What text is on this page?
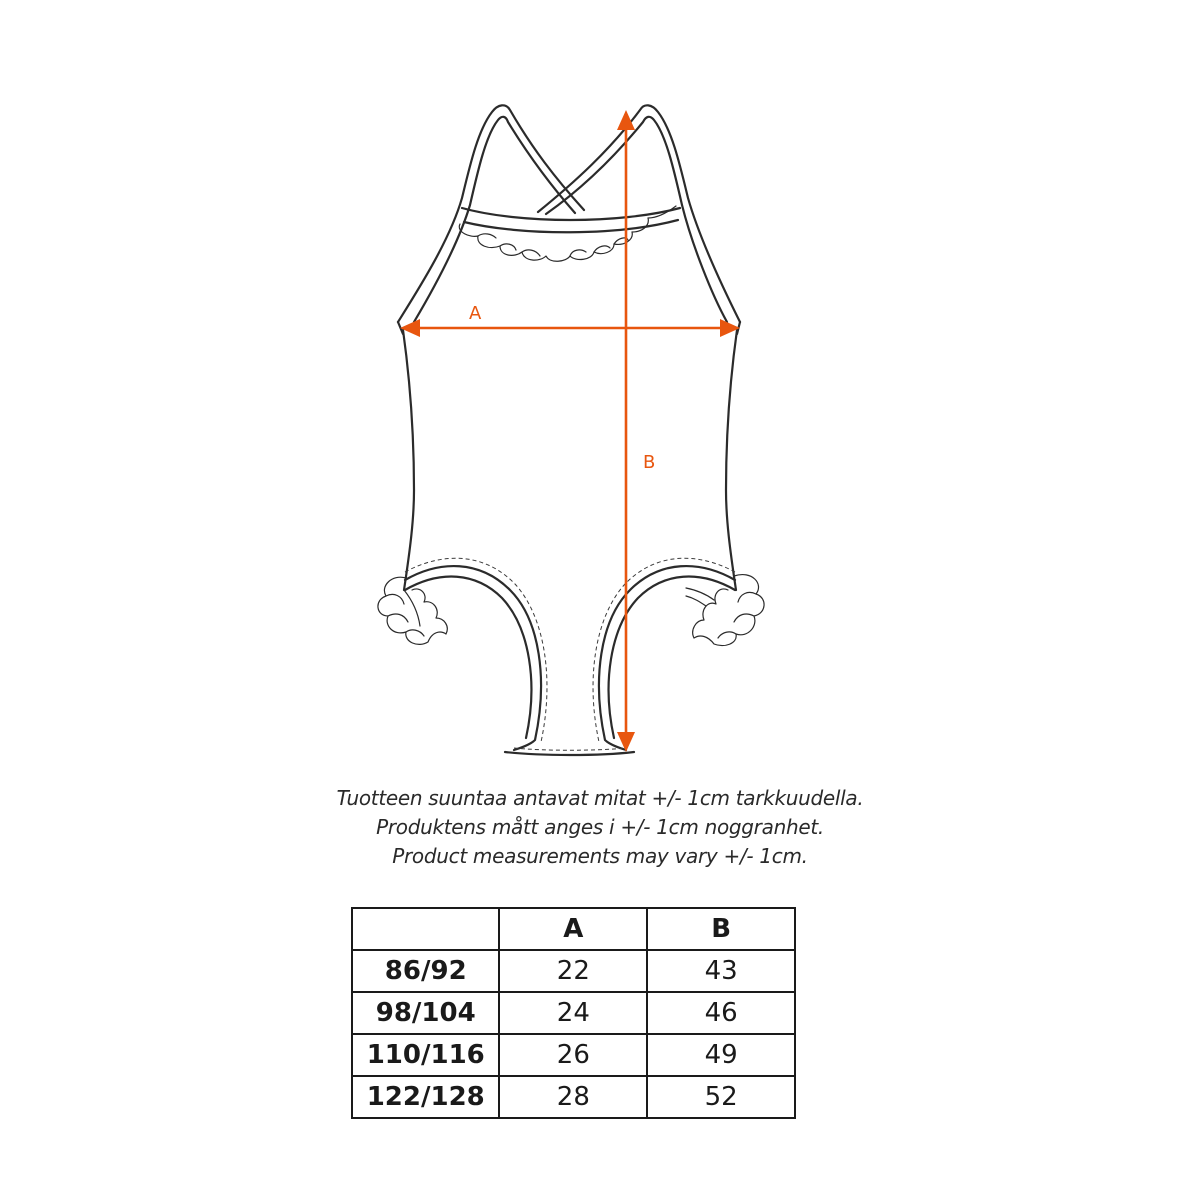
A
B
Tuotteen suuntaa antavat mitat +/- 1cm tarkkuudella.
Produktens mått anges i +/- 1cm noggranhet.
Product measurements may vary +/- 1cm.
	A	B
86/92	22	43
98/104	24	46
110/116	26	49
122/128	28	52
